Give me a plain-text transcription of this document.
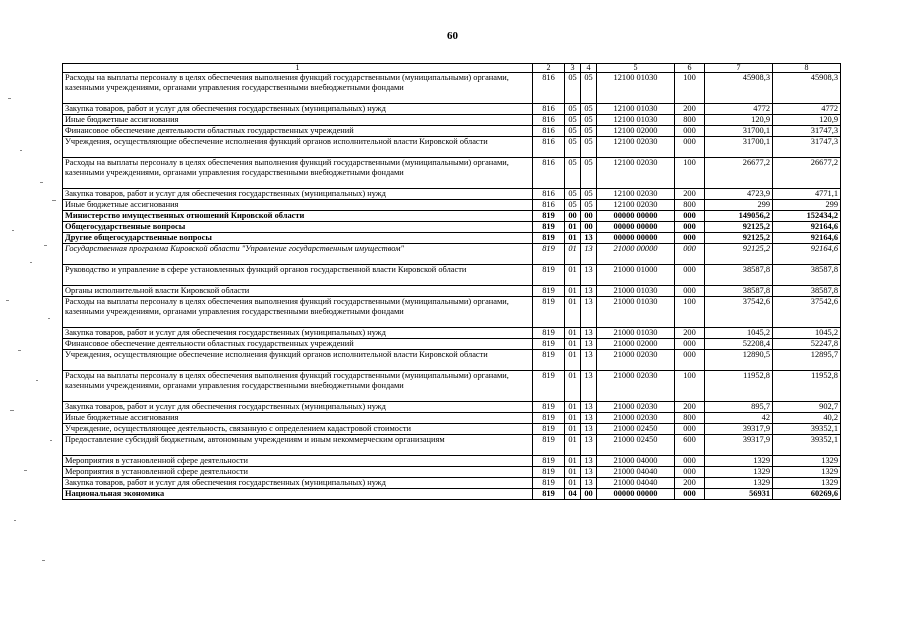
60
1	2	3	4	5	6	7	8
Расходы на выплаты персоналу в целях обеспечения выполнения функций государственными (муниципальными) органами, казенными учреждениями, органами управления государственными внебюджетными фондами	816	05	05	12100 01030	100	45908,3	45908,3
Закупка товаров, работ и услуг для обеспечения государственных (муниципальных) нужд	816	05	05	12100 01030	200	4772	4772
Иные бюджетные ассигнования	816	05	05	12100 01030	800	120,9	120,9
Финансовое обеспечение деятельности областных государственных учреждений	816	05	05	12100 02000	000	31700,1	31747,3
Учреждения, осуществляющие обеспечение исполнения функций органов исполнительной власти Кировской области	816	05	05	12100 02030	000	31700,1	31747,3
Расходы на выплаты персоналу в целях обеспечения выполнения функций государственными (муниципальными) органами, казенными учреждениями, органами управления государственными внебюджетными фондами	816	05	05	12100 02030	100	26677,2	26677,2
Закупка товаров, работ и услуг для обеспечения государственных (муниципальных) нужд	816	05	05	12100 02030	200	4723,9	4771,1
Иные бюджетные ассигнования	816	05	05	12100 02030	800	299	299
Министерство имущественных отношений Кировской области	819	00	00	00000 00000	000	149056,2	152434,2
Общегосударственные вопросы	819	01	00	00000 00000	000	92125,2	92164,6
Другие общегосударственные вопросы	819	01	13	00000 00000	000	92125,2	92164,6
Государственная программа Кировской области "Управление государственным имуществом"	819	01	13	21000 00000	000	92125,2	92164,6
Руководство и управление в сфере установленных функций органов государственной власти Кировской области	819	01	13	21000 01000	000	38587,8	38587,8
Органы исполнительной власти Кировской области	819	01	13	21000 01030	000	38587,8	38587,8
Расходы на выплаты персоналу в целях обеспечения выполнения функций государственными (муниципальными) органами, казенными учреждениями, органами управления государственными внебюджетными фондами	819	01	13	21000 01030	100	37542,6	37542,6
Закупка товаров, работ и услуг для обеспечения государственных (муниципальных) нужд	819	01	13	21000 01030	200	1045,2	1045,2
Финансовое обеспечение деятельности областных государственных учреждений	819	01	13	21000 02000	000	52208,4	52247,8
Учреждения, осуществляющие обеспечение исполнения функций органов исполнительной власти Кировской области	819	01	13	21000 02030	000	12890,5	12895,7
Расходы на выплаты персоналу в целях обеспечения выполнения функций государственными (муниципальными) органами, казенными учреждениями, органами управления государственными внебюджетными фондами	819	01	13	21000 02030	100	11952,8	11952,8
Закупка товаров, работ и услуг для обеспечения государственных (муниципальных) нужд	819	01	13	21000 02030	200	895,7	902,7
Иные бюджетные ассигнования	819	01	13	21000 02030	800	42	40,2
Учреждение, осуществляющее деятельность, связанную с определением кадастровой стоимости	819	01	13	21000 02450	000	39317,9	39352,1
Предоставление субсидий бюджетным, автономным учреждениям и иным некоммерческим организациям	819	01	13	21000 02450	600	39317,9	39352,1
Мероприятия в установленной сфере деятельности	819	01	13	21000 04000	000	1329	1329
Мероприятия в установленной сфере деятельности	819	01	13	21000 04040	000	1329	1329
Закупка товаров, работ и услуг для обеспечения государственных (муниципальных) нужд	819	01	13	21000 04040	200	1329	1329
Национальная экономика	819	04	00	00000 00000	000	56931	60269,6
